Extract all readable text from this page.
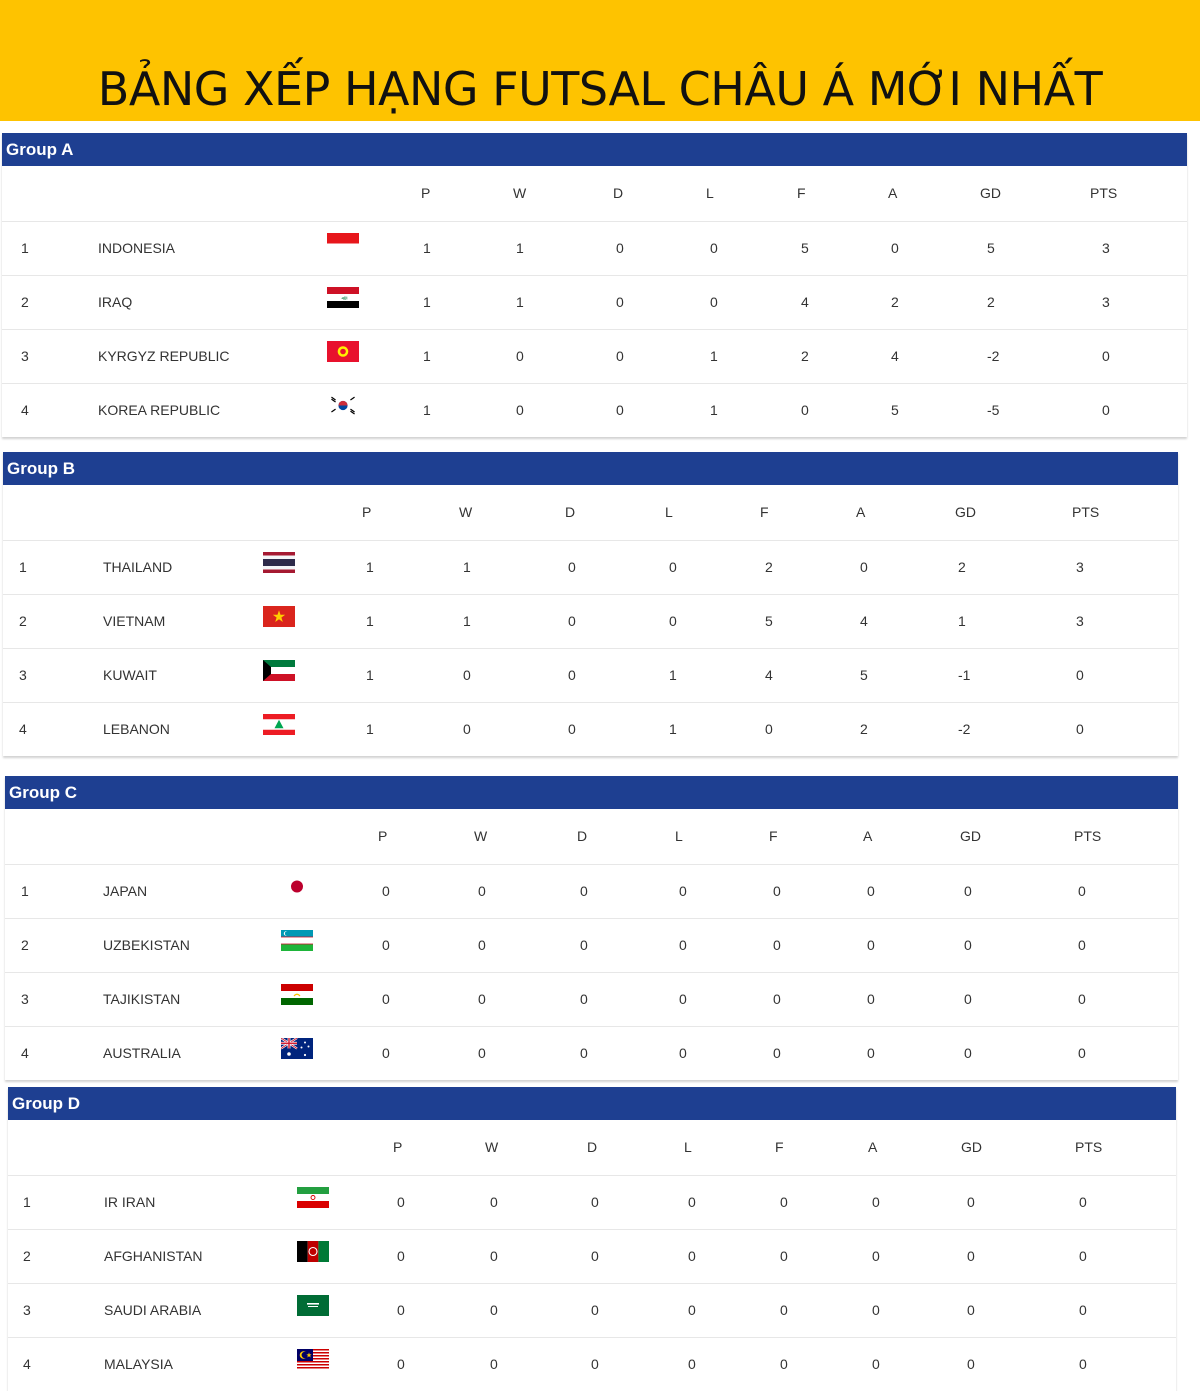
BẢNG XẾP HẠNG FUTSAL CHÂU Á MỚI NHẤT
Group A
P	W	D	L	F	A	GD	PTS
1	INDONESIA	1	1	0	0	5	0	5	3
2	IRAQ	ﷲ	1	1	0	0	4	2	2	3
3	KYRGYZ REPUBLIC	1	0	0	1	2	4	-2	0
4	KOREA REPUBLIC	1	0	0	1	0	5	-5	0
Group B
P	W	D	L	F	A	GD	PTS
1	THAILAND	1	1	0	0	2	0	2	3
2	VIETNAM	1	1	0	0	5	4	1	3
3	KUWAIT	1	0	0	1	4	5	-1	0
4	LEBANON	1	0	0	1	0	2	-2	0
Group C
P	W	D	L	F	A	GD	PTS
1	JAPAN	0	0	0	0	0	0	0	0
2	UZBEKISTAN	0	0	0	0	0	0	0	0
3	TAJIKISTAN	0	0	0	0	0	0	0	0
4	AUSTRALIA	0	0	0	0	0	0	0	0
Group D
P	W	D	L	F	A	GD	PTS
1	IR IRAN	0	0	0	0	0	0	0	0
2	AFGHANISTAN	0	0	0	0	0	0	0	0
3	SAUDI ARABIA	0	0	0	0	0	0	0	0
4	MALAYSIA	0	0	0	0	0	0	0	0
